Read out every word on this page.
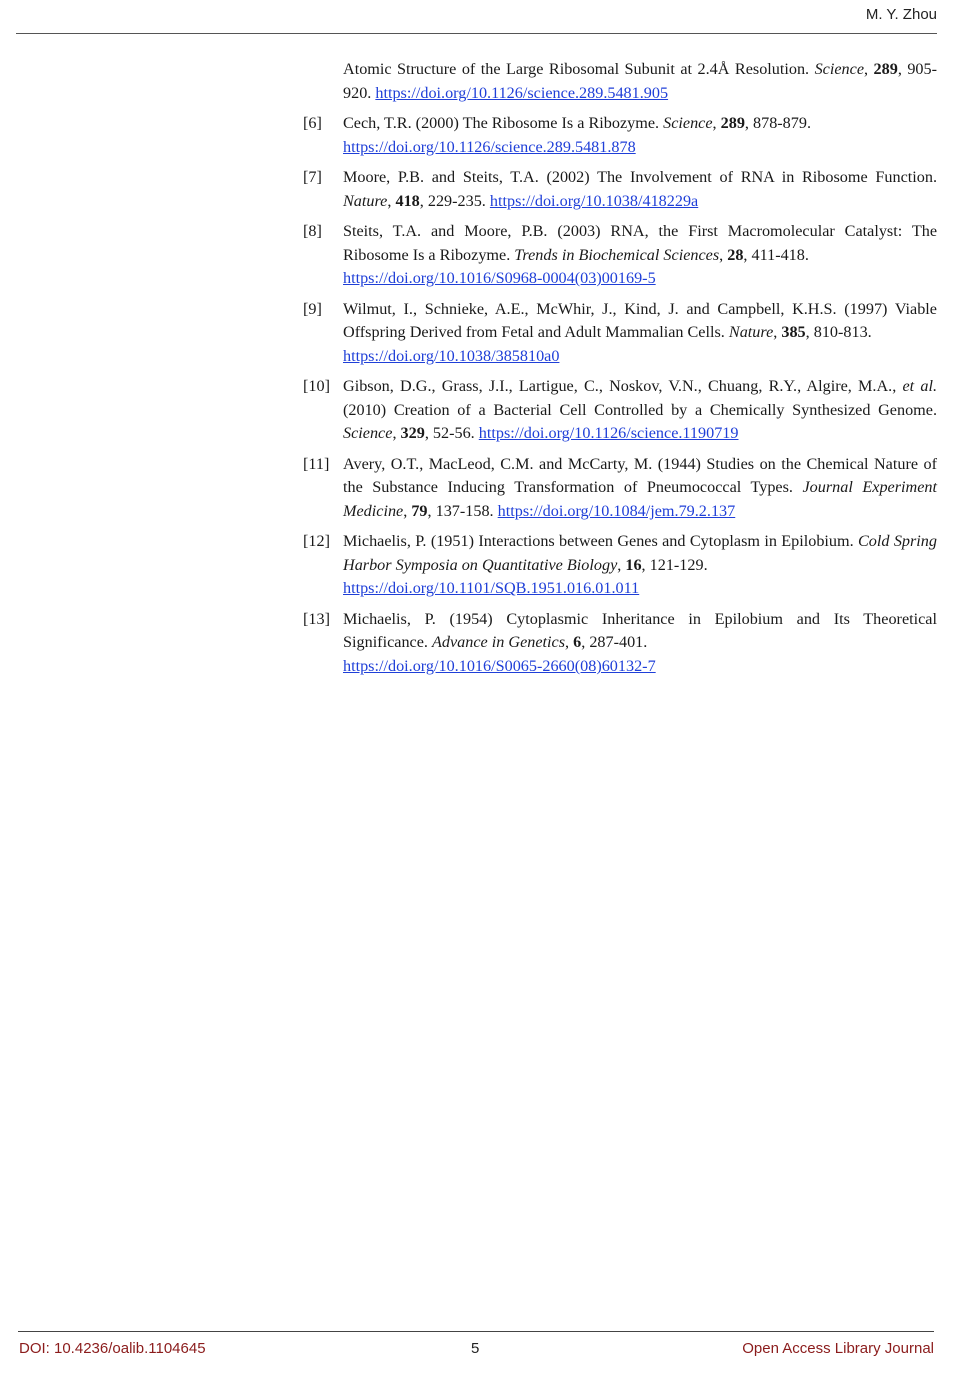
M. Y. Zhou
Atomic Structure of the Large Ribosomal Subunit at 2.4Å Resolution. Science, 289, 905-920. https://doi.org/10.1126/science.289.5481.905
[6] Cech, T.R. (2000) The Ribosome Is a Ribozyme. Science, 289, 878-879.
https://doi.org/10.1126/science.289.5481.878
[7] Moore, P.B. and Steits, T.A. (2002) The Involvement of RNA in Ribosome Function. Nature, 418, 229-235. https://doi.org/10.1038/418229a
[8] Steits, T.A. and Moore, P.B. (2003) RNA, the First Macromolecular Catalyst: The Ribosome Is a Ribozyme. Trends in Biochemical Sciences, 28, 411-418.
https://doi.org/10.1016/S0968-0004(03)00169-5
[9] Wilmut, I., Schnieke, A.E., McWhir, J., Kind, J. and Campbell, K.H.S. (1997) Viable Offspring Derived from Fetal and Adult Mammalian Cells. Nature, 385, 810-813.
https://doi.org/10.1038/385810a0
[10] Gibson, D.G., Grass, J.I., Lartigue, C., Noskov, V.N., Chuang, R.Y., Algire, M.A., et al. (2010) Creation of a Bacterial Cell Controlled by a Chemically Synthesized Genome. Science, 329, 52-56. https://doi.org/10.1126/science.1190719
[11] Avery, O.T., MacLeod, C.M. and McCarty, M. (1944) Studies on the Chemical Nature of the Substance Inducing Transformation of Pneumococcal Types. Journal Experiment Medicine, 79, 137-158. https://doi.org/10.1084/jem.79.2.137
[12] Michaelis, P. (1951) Interactions between Genes and Cytoplasm in Epilobium. Cold Spring Harbor Symposia on Quantitative Biology, 16, 121-129.
https://doi.org/10.1101/SQB.1951.016.01.011
[13] Michaelis, P. (1954) Cytoplasmic Inheritance in Epilobium and Its Theoretical Significance. Advance in Genetics, 6, 287-401.
https://doi.org/10.1016/S0065-2660(08)60132-7
DOI: 10.4236/oalib.1104645	5	Open Access Library Journal
